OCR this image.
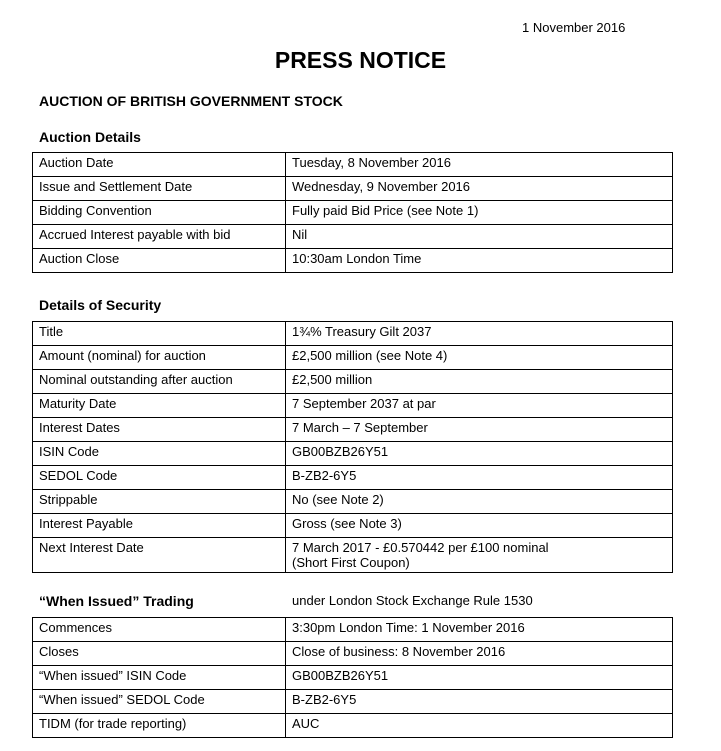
1 November 2016
PRESS NOTICE
AUCTION OF BRITISH GOVERNMENT STOCK
Auction Details
Auction Date	Tuesday, 8 November 2016
Issue and Settlement Date	Wednesday, 9 November 2016
Bidding Convention	Fully paid Bid Price (see Note 1)
Accrued Interest payable with bid	Nil
Auction Close	10:30am London Time
Details of Security
Title	1¾% Treasury Gilt 2037
Amount (nominal) for auction	£2,500 million (see Note 4)
Nominal outstanding after auction	£2,500 million
Maturity Date	7 September 2037 at par
Interest Dates	7 March – 7 September
ISIN Code	GB00BZB26Y51
SEDOL Code	B-ZB2-6Y5
Strippable	No (see Note 2)
Interest Payable	Gross (see Note 3)
Next Interest Date	7 March 2017 - £0.570442 per £100 nominal
(Short First Coupon)
“When Issued” Trading	under London Stock Exchange Rule 1530
Commences	3:30pm London Time: 1 November 2016
Closes	Close of business: 8 November 2016
“When issued” ISIN Code	GB00BZB26Y51
“When issued” SEDOL Code	B-ZB2-6Y5
TIDM (for trade reporting)	AUC
